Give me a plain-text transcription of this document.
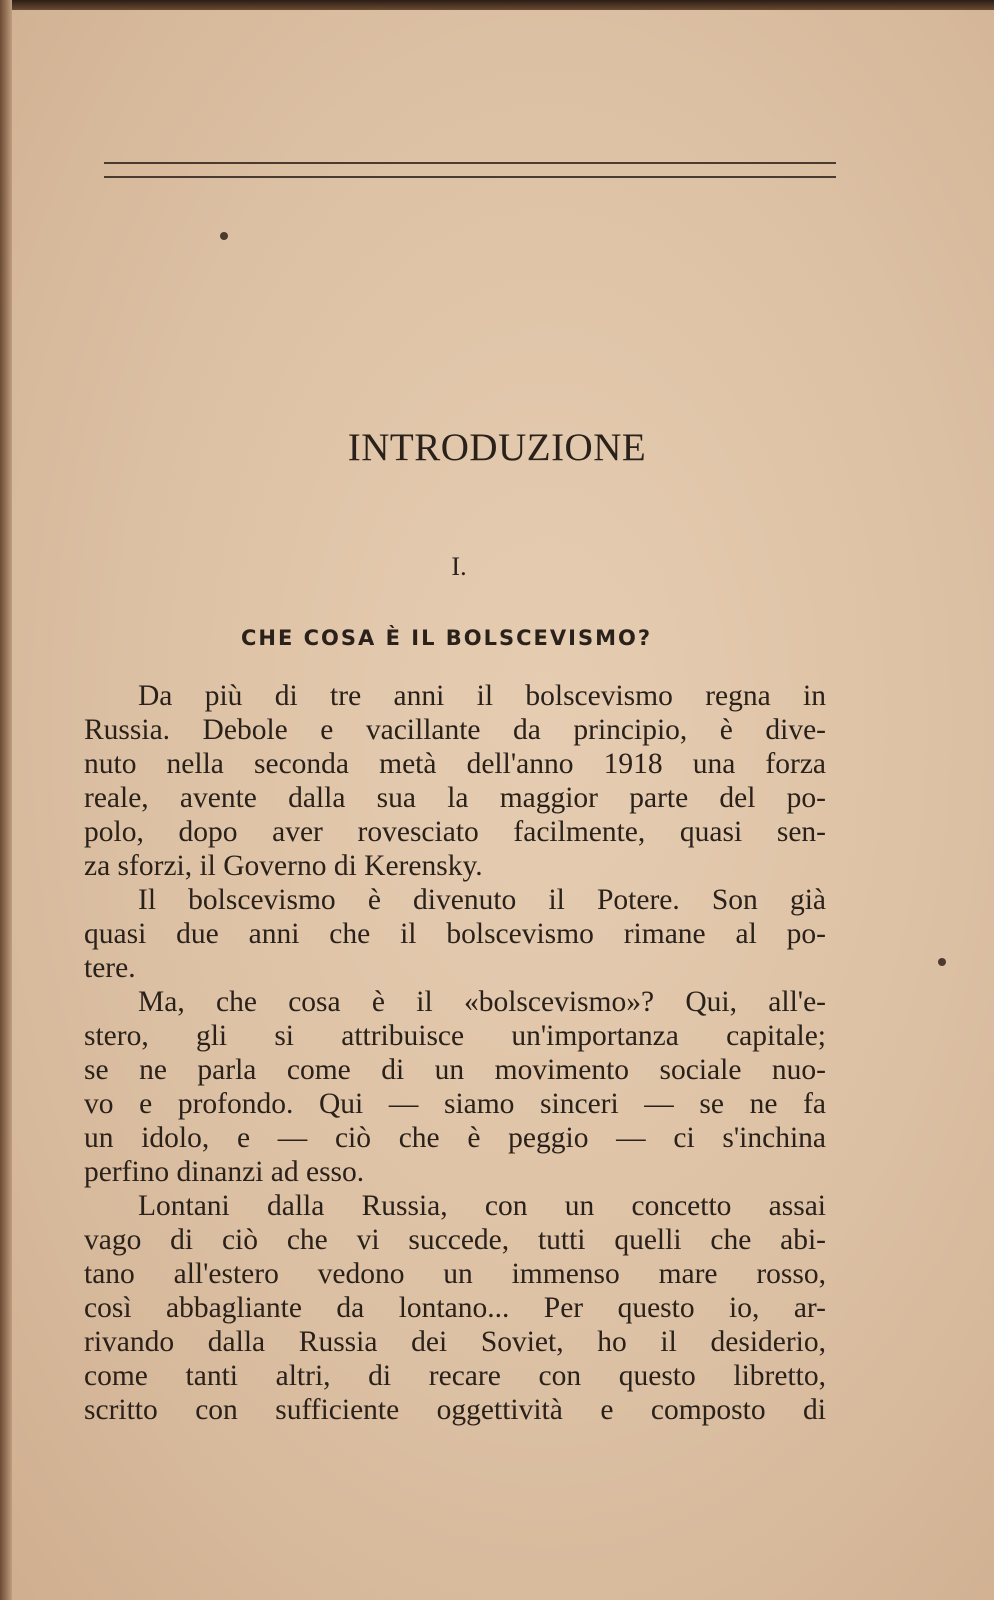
INTRODUZIONE
I.
CHE COSA È IL BOLSCEVISMO?
Da più di tre anni il bolscevismo regna in
Russia. Debole e vacillante da principio, è dive-
nuto nella seconda metà dell'anno 1918 una forza
reale, avente dalla sua la maggior parte del po-
polo, dopo aver rovesciato facilmente, quasi sen-
za sforzi, il Governo di Kerensky.
Il bolscevismo è divenuto il Potere. Son già
quasi due anni che il bolscevismo rimane al po-
tere.
Ma, che cosa è il «bolscevismo»? Qui, all'e-
stero, gli si attribuisce un'importanza capitale;
se ne parla come di un movimento sociale nuo-
vo e profondo. Qui — siamo sinceri — se ne fa
un idolo, e — ciò che è peggio — ci s'inchina
perfino dinanzi ad esso.
Lontani dalla Russia, con un concetto assai
vago di ciò che vi succede, tutti quelli che abi-
tano all'estero vedono un immenso mare rosso,
così abbagliante da lontano... Per questo io, ar-
rivando dalla Russia dei Soviet, ho il desiderio,
come tanti altri, di recare con questo libretto,
scritto con sufficiente oggettività e composto di
